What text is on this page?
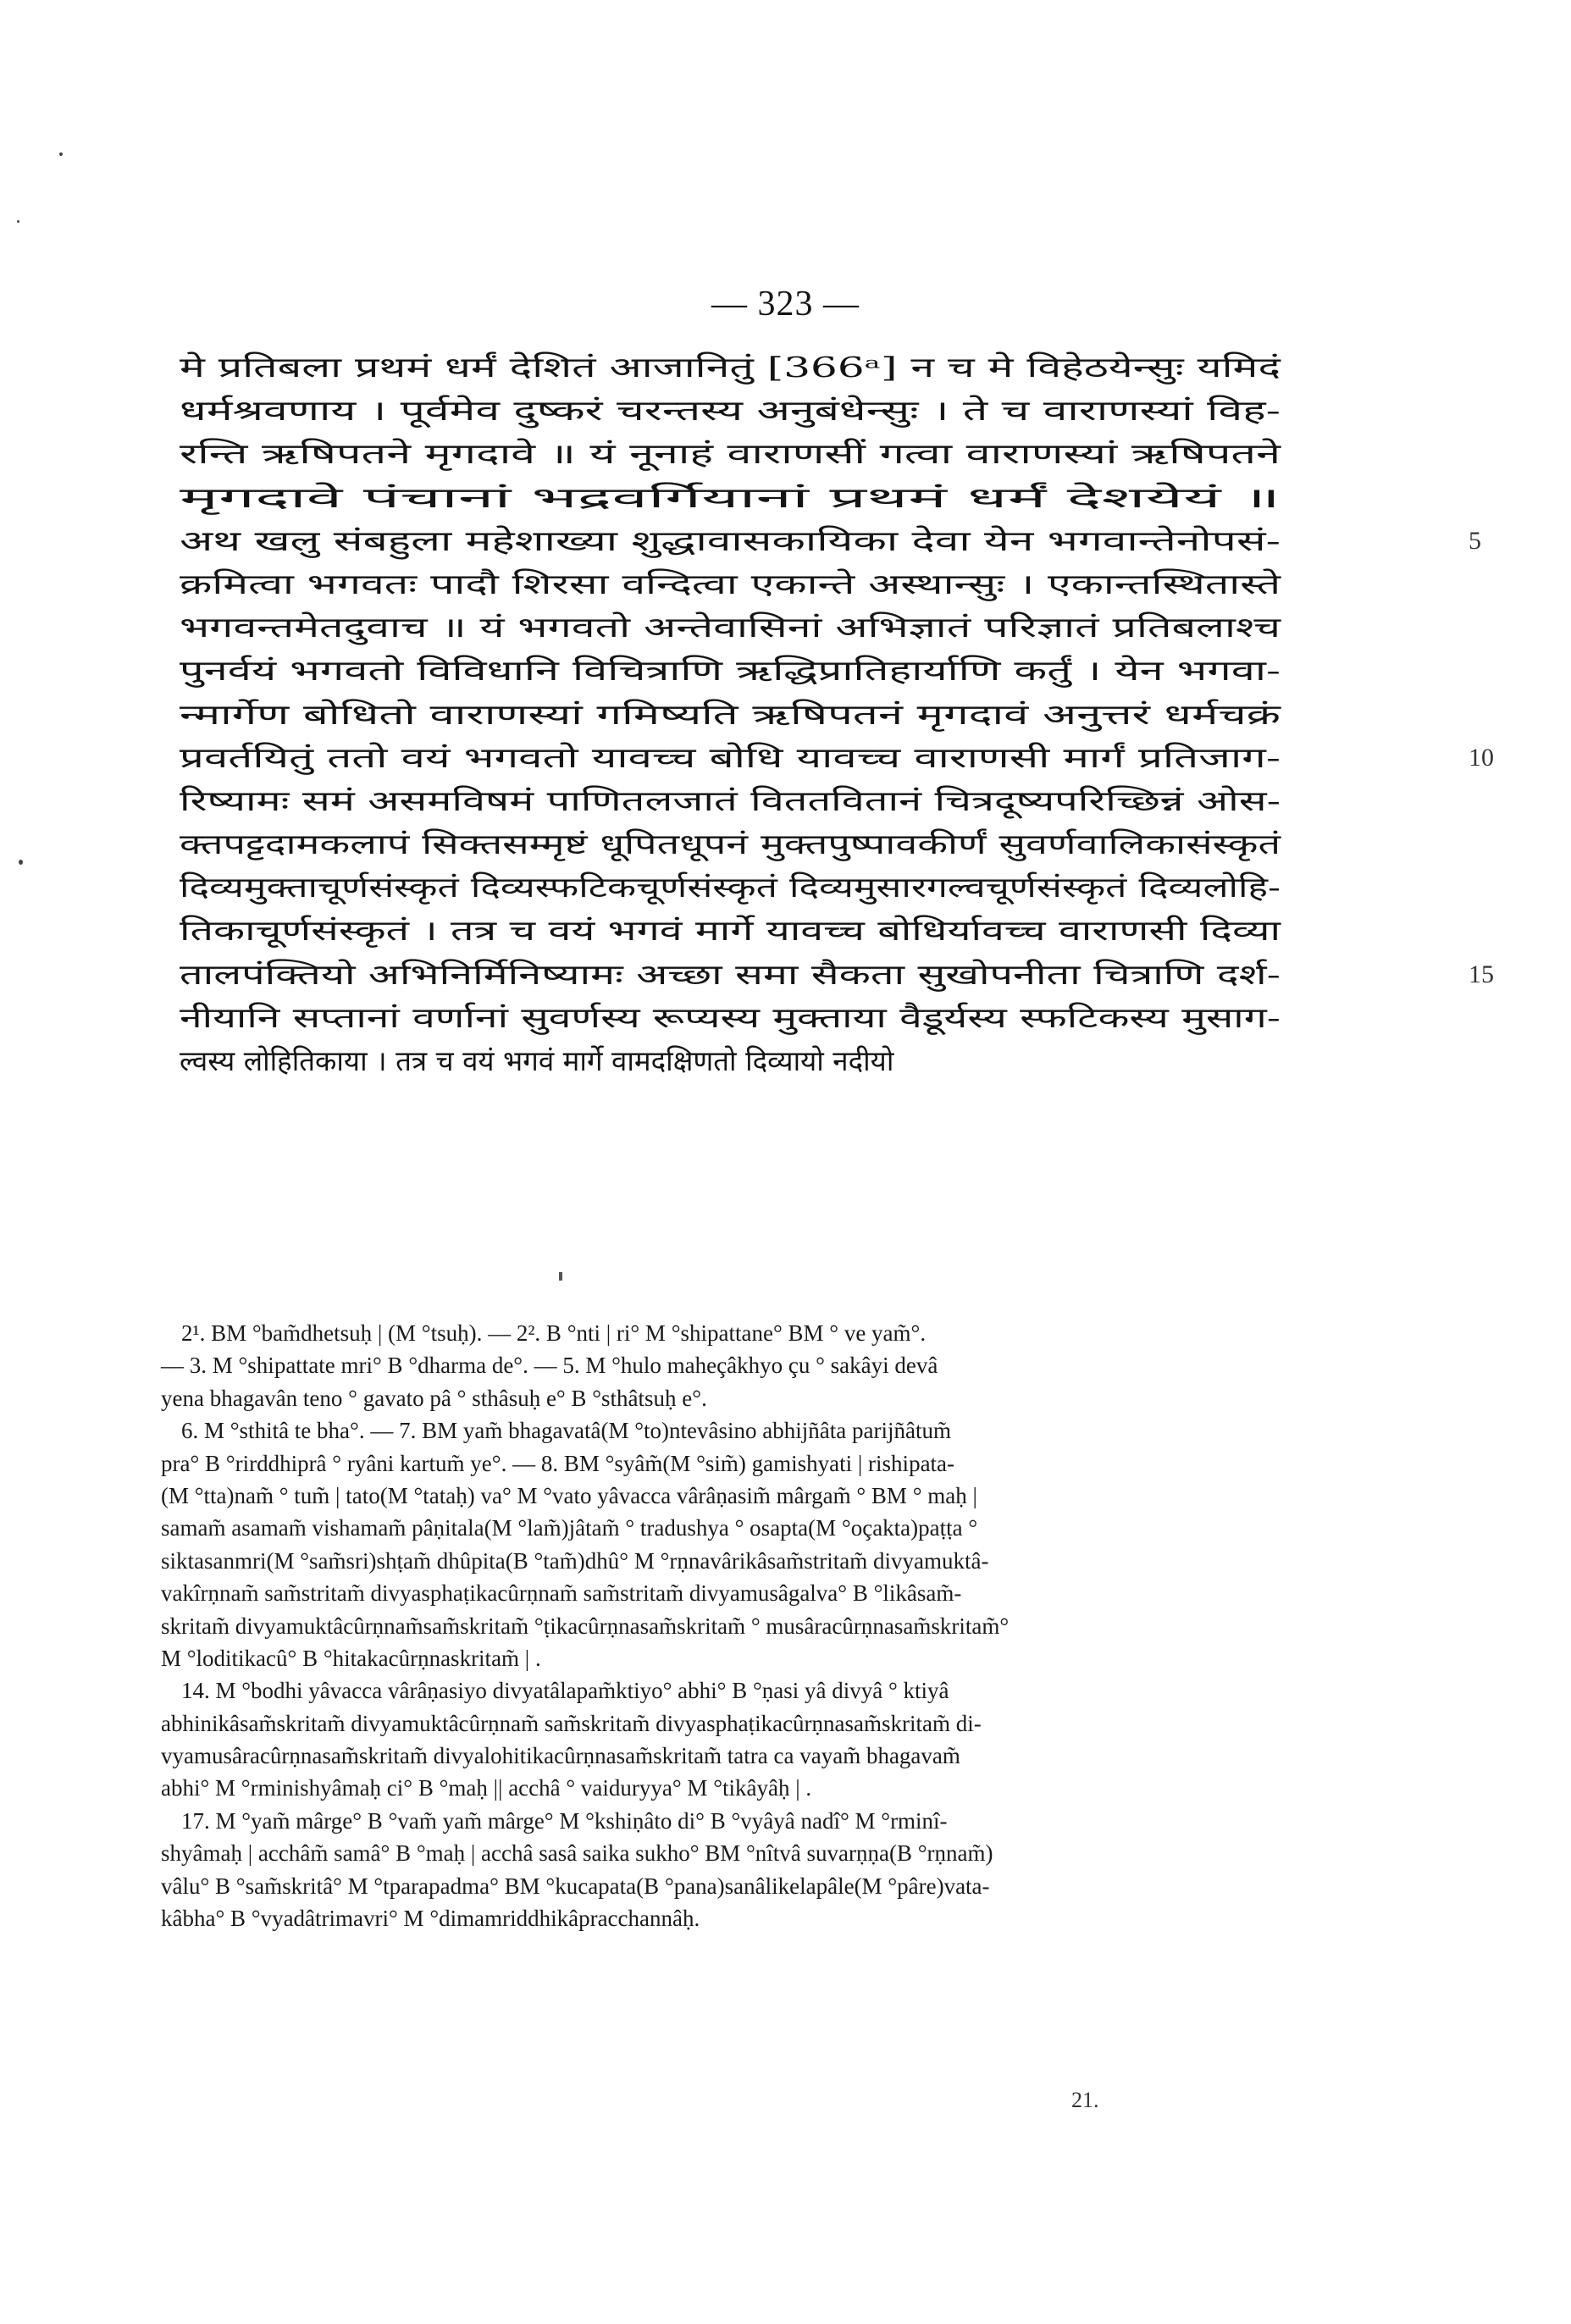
— 323 —
मे प्रतिबला प्रथमं धर्मं देशितं आजानितुं [366ᵃ] न च मे विहेठयेन्सुः यमिदं
धर्मश्रवणाय । पूर्वमेव दुष्करं चरन्तस्य अनुबंधेन्सुः । ते च वाराणस्यां विह-
रन्ति ऋषिपतने मृगदावे ॥ यं नूनाहं वाराणसीं गत्वा वाराणस्यां ऋषिपतने
मृगदावे पंचानां भद्रवर्गियानां प्रथमं धर्मं देशयेयं ॥
अथ खलु संबहुला महेशाख्या शुद्धावासकायिका देवा येन भगवान्तेनोपसं-	5
क्रमित्वा भगवतः पादौ शिरसा वन्दित्वा एकान्ते अस्थान्सुः । एकान्तस्थितास्ते
भगवन्तमेतदुवाच ॥ यं भगवतो अन्तेवासिनां अभिज्ञातं परिज्ञातं प्रतिबलाश्च
पुनर्वयं भगवतो विविधानि विचित्राणि ऋद्धिप्रातिहार्याणि कर्तुं । येन भगवा-
न्मार्गेण बोधितो वाराणस्यां गमिष्यति ऋषिपतनं मृगदावं अनुत्तरं धर्मचक्रं
प्रवर्तयितुं ततो वयं भगवतो यावच्च बोधि यावच्च वाराणसी मार्गं प्रतिजाग-	10
रिष्यामः समं असमविषमं पाणितलजातं विततवितानं चित्रदूष्यपरिच्छिन्नं ओस-
क्तपट्टदामकलापं सिक्तसम्मृष्टं धूपितधूपनं मुक्तपुष्पावकीर्णं सुवर्णवालिकासंस्कृतं
दिव्यमुक्ताचूर्णसंस्कृतं दिव्यस्फटिकचूर्णसंस्कृतं दिव्यमुसारगल्वचूर्णसंस्कृतं दिव्यलोहि-
तिकाचूर्णसंस्कृतं । तत्र च वयं भगवं मार्गे यावच्च बोधिर्यावच्च वाराणसी दिव्या
तालपंक्तियो अभिनिर्मिनिष्यामः अच्छा समा सैकता सुखोपनीता चित्राणि दर्श-	15
नीयानि सप्तानां वर्णानां सुवर्णस्य रूप्यस्य मुक्ताया वैडूर्यस्य स्फटिकस्य मुसाग-
ल्वस्य लोहितिकाया । तत्र च वयं भगवं मार्गे वामदक्षिणतो दिव्यायो नदीयो
2¹. BM °bam̃dhetsuḥ | (M °tsuḥ). — 2². B °nti | ri° M °shipattane° BM ° ve yam̃°.
— 3. M °shipattate mri° B °dharma de°. — 5. M °hulo maheçâkhyo çu ° sakâyi devâ
yena bhagavân teno ° gavato pâ ° sthâsuḥ e° B °sthâtsuḥ e°.
6. M °sthitâ te bha°. — 7. BM yam̃ bhagavatâ(M °to)ntevâsino abhijñâta parijñâtum̃
pra° B °rirddhiprâ ° ryâni kartum̃ ye°. — 8. BM °syâm̃(M °sim̃) gamishyati | rishipata-
(M °tta)nam̃ ° tum̃ | tato(M °tataḥ) va° M °vato yâvacca vârâṇasim̃ mârgam̃ ° BM ° maḥ |
samam̃ asamam̃ vishamam̃ pâṇitala(M °lam̃)jâtam̃ ° tradushya ° osapta(M °oçakta)paṭṭa °
siktasanmri(M °sam̃sri)shṭam̃ dhûpita(B °tam̃)dhû° M °rṇnavârikâsam̃stritam̃ divyamuktâ-
vakîrṇnam̃ sam̃stritam̃ divyasphaṭikacûrṇnam̃ sam̃stritam̃ divyamusâgalva° B °likâsam̃-
skritam̃ divyamuktâcûrṇnam̃sam̃skritam̃ °ṭikacûrṇnasam̃skritam̃ ° musâracûrṇnasam̃skritam̃°
M °loditikacû° B °hitakacûrṇnaskritam̃ | .
14. M °bodhi yâvacca vârâṇasiyo divyatâlapam̃ktiyo° abhi° B °ṇasi yâ divyâ ° ktiyâ
abhinikâsam̃skritam̃ divyamuktâcûrṇnam̃ sam̃skritam̃ divyasphaṭikacûrṇnasam̃skritam̃ di-
vyamusâracûrṇnasam̃skritam̃ divyalohitikacûrṇnasam̃skritam̃ tatra ca vayam̃ bhagavam̃
abhi° M °rminishyâmaḥ ci° B °maḥ || acchâ ° vaiduryya° M °tikâyâḥ | .
17. M °yam̃ mârge° B °vam̃ yam̃ mârge° M °kshiṇâto di° B °vyâyâ nadî° M °rminî-
shyâmaḥ | acchâm̃ samâ° B °maḥ | acchâ sasâ saika sukho° BM °nîtvâ suvarṇṇa(B °rṇnam̃)
vâlu° B °sam̃skritâ° M °tparapadma° BM °kucapata(B °pana)sanâlikelapâle(M °pâre)vata-
kâbha° B °vyadâtrimavri° M °dimamriddhikâpracchannâḥ.
21.
